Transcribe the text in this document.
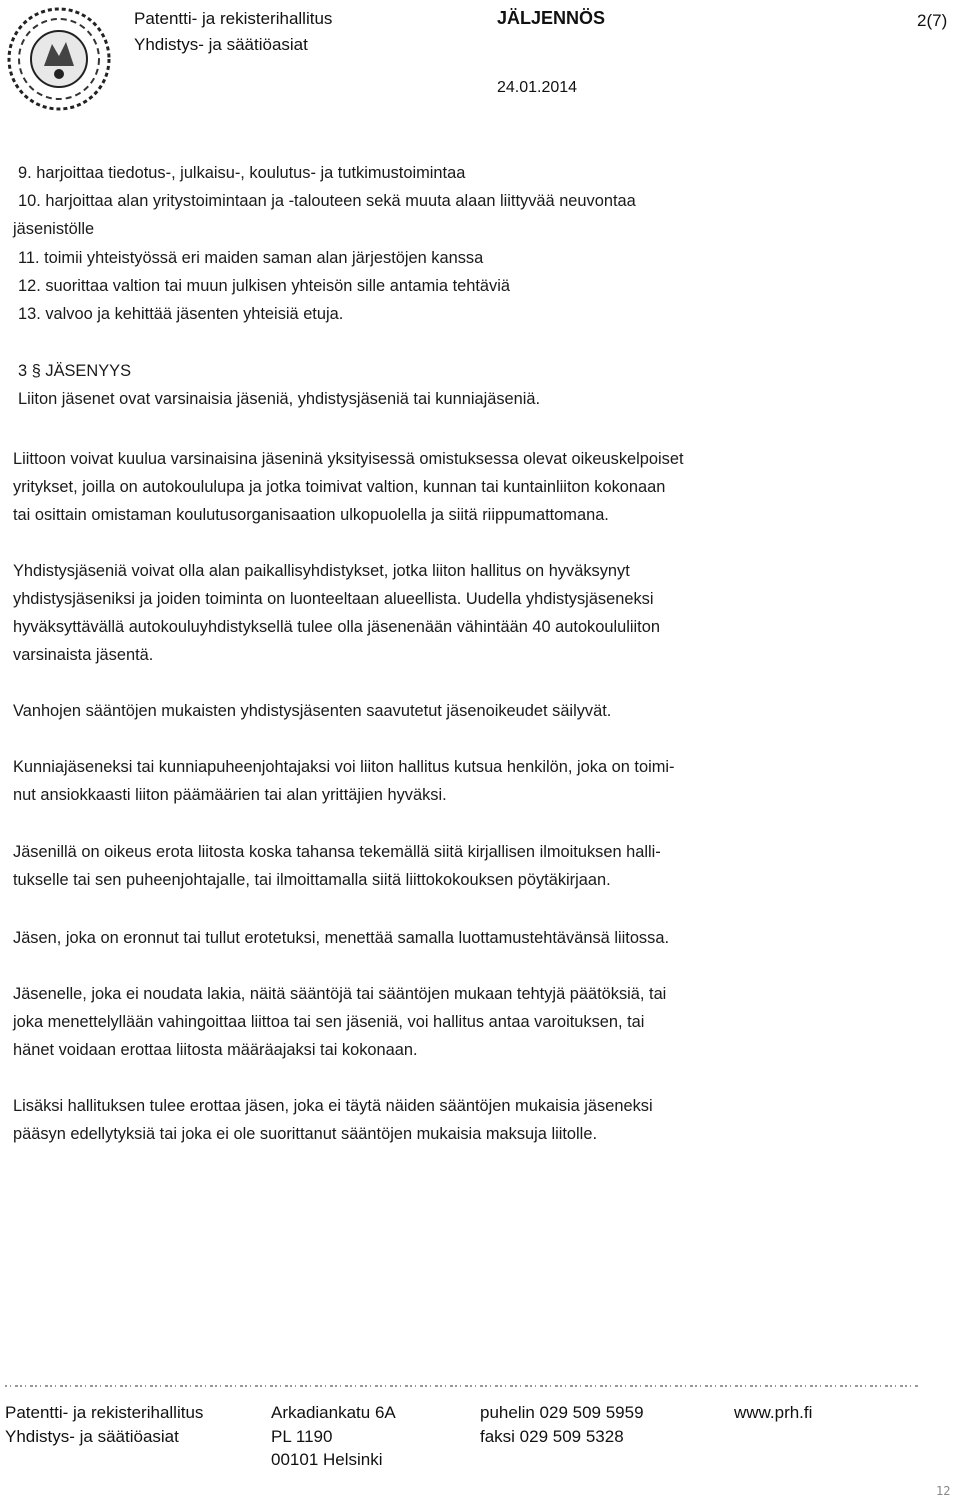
Patentti- ja rekisterihallitus
Yhdistys- ja säätiöasiat
JÄLJENNÖS	2(7)
24.01.2014
9. harjoittaa tiedotus-, julkaisu-, koulutus- ja tutkimustoimintaa
10. harjoittaa alan yritystoimintaan ja -talouteen sekä muuta alaan liittyvää neuvontaa
jäsenistölle
11. toimii yhteistyössä eri maiden saman alan järjestöjen kanssa
12. suorittaa valtion tai muun julkisen yhteisön sille antamia tehtäviä
13. valvoo ja kehittää jäsenten yhteisiä etuja.
3 § JÄSENYYS
Liiton jäsenet ovat varsinaisia jäseniä, yhdistysjäseniä tai kunniajäseniä.
Liittoon voivat kuulua varsinaisina jäseninä yksityisessä omistuksessa olevat oikeuskelpoiset
yritykset, joilla on autokoululupa ja jotka toimivat valtion, kunnan tai kuntainliiton kokonaan
tai osittain omistaman koulutusorganisaation ulkopuolella ja siitä riippumattomana.
Yhdistysjäseniä voivat olla alan paikallisyhdistykset, jotka liiton hallitus on hyväksynyt
yhdistysjäseniksi ja joiden toiminta on luonteeltaan alueellista. Uudella yhdistysjäseneksi
hyväksyttävällä autokouluyhdistyksellä tulee olla jäsenenään vähintään 40 autokoululiiton
varsinaista jäsentä.
Vanhojen sääntöjen mukaisten yhdistysjäsenten saavutetut jäsenoikeudet säilyvät.
Kunniajäseneksi tai kunniapuheenjohtajaksi voi liiton hallitus kutsua henkilön, joka on toimi-
nut ansiokkaasti liiton päämäärien tai alan yrittäjien hyväksi.
Jäsenillä on oikeus erota liitosta koska tahansa tekemällä siitä kirjallisen ilmoituksen halli-
tukselle tai sen puheenjohtajalle, tai ilmoittamalla siitä liittokokouksen pöytäkirjaan.
Jäsen, joka on eronnut tai tullut erotetuksi, menettää samalla luottamustehtävänsä liitossa.
Jäsenelle, joka ei noudata lakia, näitä sääntöjä tai sääntöjen mukaan tehtyjä päätöksiä, tai
joka menettelyllään vahingoittaa liittoa tai sen jäseniä, voi hallitus antaa varoituksen, tai
hänet voidaan erottaa liitosta määräajaksi tai kokonaan.
Lisäksi hallituksen tulee erottaa jäsen, joka ei täytä näiden sääntöjen mukaisia jäseneksi
pääsyn edellytyksiä tai joka ei ole suorittanut sääntöjen mukaisia maksuja liitolle.
Patentti- ja rekisterihallitus
Yhdistys- ja säätiöasiat
Arkadiankatu 6A
PL 1190
00101 Helsinki
puhelin 029 509 5959
faksi 029 509 5328
www.prh.fi
12
